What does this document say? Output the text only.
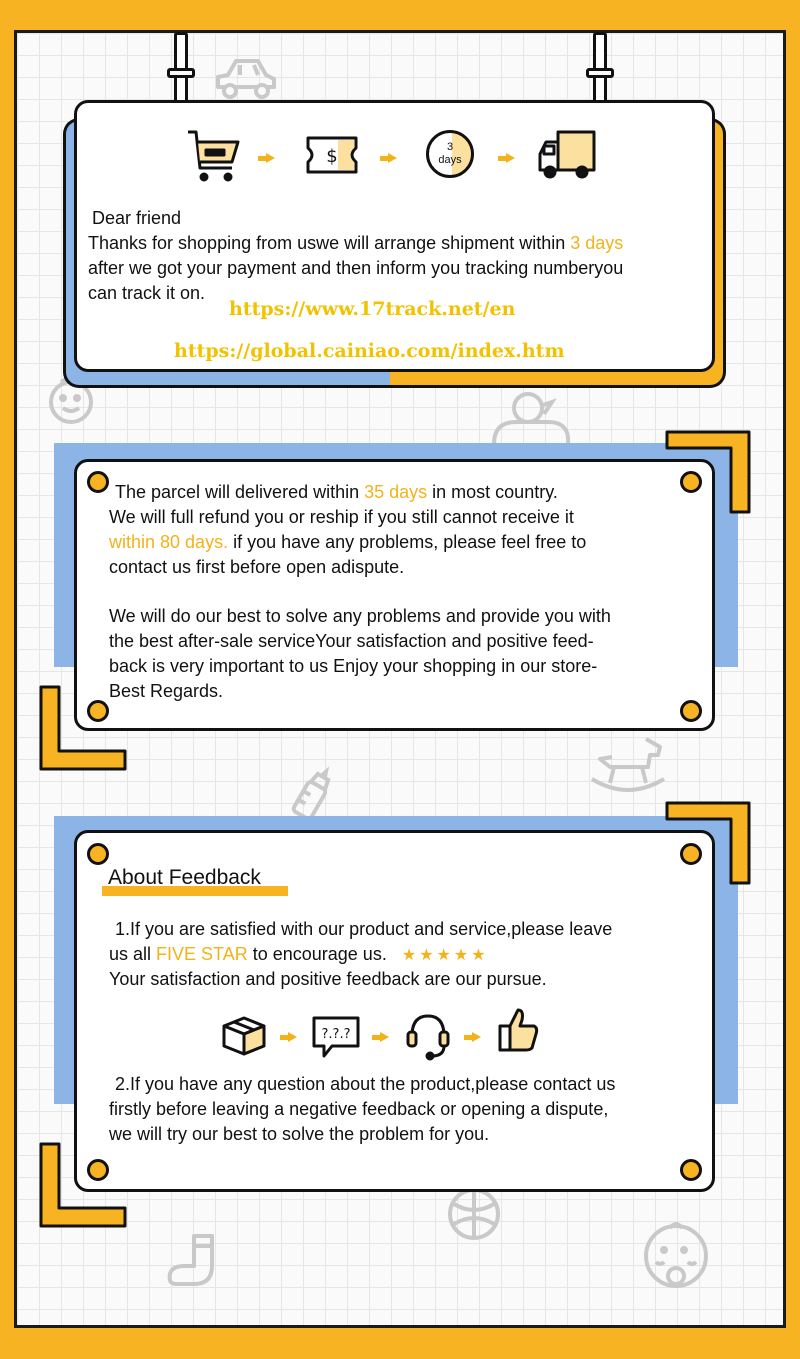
$	3
days
Dear friend
Thanks for shopping from uswe will arrange shipment within 3 days
after we got your payment and then inform you tracking numberyou
can track it on.
https://www.17track.net/en
https://global.cainiao.com/index.htm
The parcel will delivered within 35 days in most country.
We will full refund you or reship if you still cannot receive it
within 80 days. if you have any problems, please feel free to
contact us first before open adispute.
We will do our best to solve any problems and provide you with
the best after-sale serviceYour satisfaction and positive feed-
back is very important to us Enjoy your shopping in our store-
Best Regards.
About Feedback
1.If you are satisfied with our product and service,please leave
us all FIVE STAR to encourage us. ★★★★★
Your satisfaction and positive feedback are our pursue.
?.?.?
2.If you have any question about the product,please contact us
firstly before leaving a negative feedback or opening a dispute,
we will try our best to solve the problem for you.
